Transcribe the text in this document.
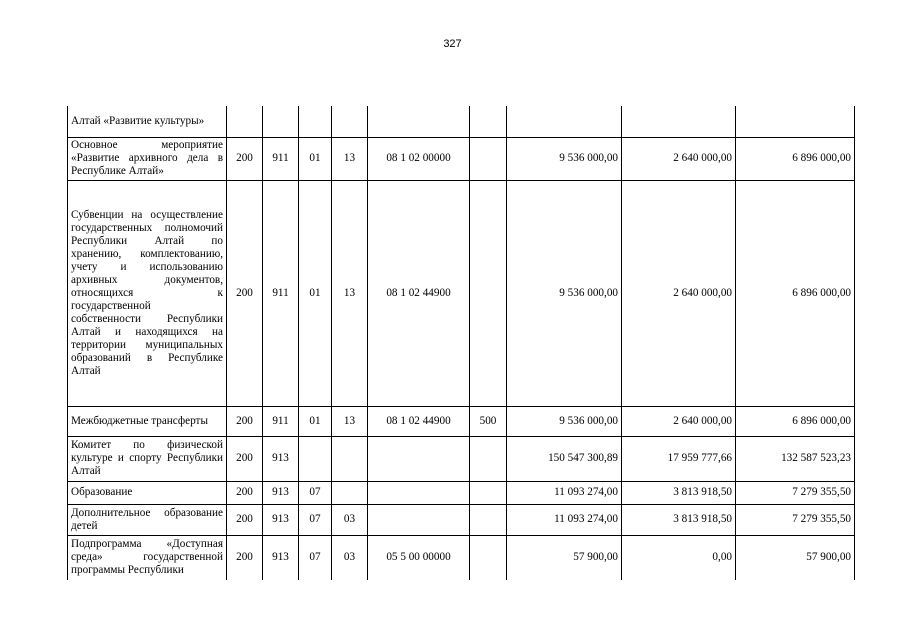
327
Алтай «Развитие культуры»									
Основное мероприятие «Развитие архивного дела в Республике Алтай»	200	911	01	13	08 1 02 00000		9 536 000,00	2 640 000,00	6 896 000,00
Субвенции на осуществление государственных полномочий Республики Алтай по хранению, комплектованию, учету и использованию архивных документов, относящихся к государственной собственности Республики Алтай и находящихся на территории муниципальных образований в Республике Алтай	200	911	01	13	08 1 02 44900		9 536 000,00	2 640 000,00	6 896 000,00
Межбюджетные трансферты	200	911	01	13	08 1 02 44900	500	9 536 000,00	2 640 000,00	6 896 000,00
Комитет по физической культуре и спорту Республики Алтай	200	913					150 547 300,89	17 959 777,66	132 587 523,23
Образование	200	913	07				11 093 274,00	3 813 918,50	7 279 355,50
Дополнительное образование детей	200	913	07	03			11 093 274,00	3 813 918,50	7 279 355,50
Подпрограмма «Доступная среда» государственной программы Республики	200	913	07	03	05 5 00 00000		57 900,00	0,00	57 900,00
